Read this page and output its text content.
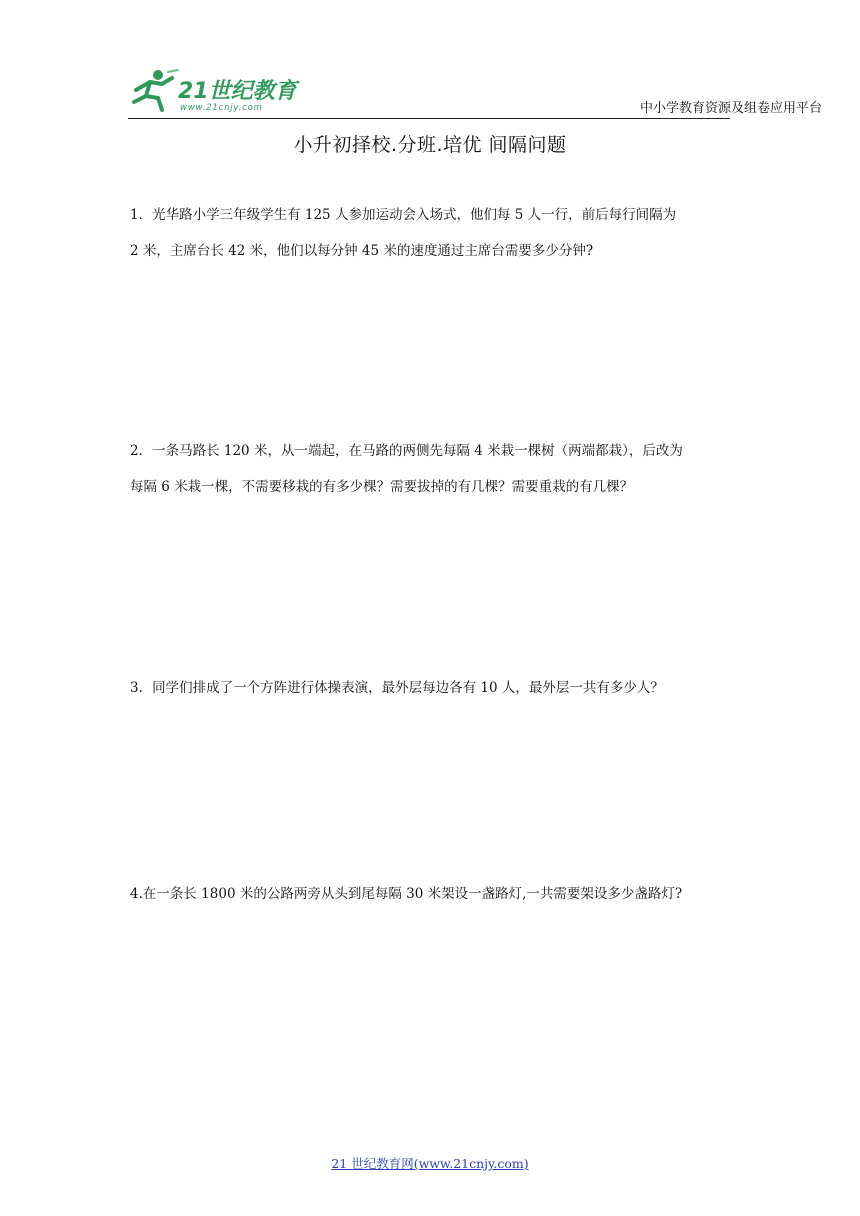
21世纪教育
www.21cnjy.com	中小学教育资源及组卷应用平台
小升初择校.分班.培优 间隔问题
1．光华路小学三年级学生有 125 人参加运动会入场式，他们每 5 人一行，前后每行间隔为
2 米，主席台长 42 米，他们以每分钟 45 米的速度通过主席台需要多少分钟?
2．一条马路长 120 米，从一端起，在马路的两侧先每隔 4 米栽一棵树（两端都栽），后改为
每隔 6 米栽一棵，不需要移栽的有多少棵？需要拔掉的有几棵？需要重栽的有几棵？
3．同学们排成了一个方阵进行体操表演，最外层每边各有 10 人，最外层一共有多少人？
4.在一条长 1800 米的公路两旁从头到尾每隔 30 米架设一盏路灯,一共需要架设多少盏路灯?
21 世纪教育网(www.21cnjy.com)
